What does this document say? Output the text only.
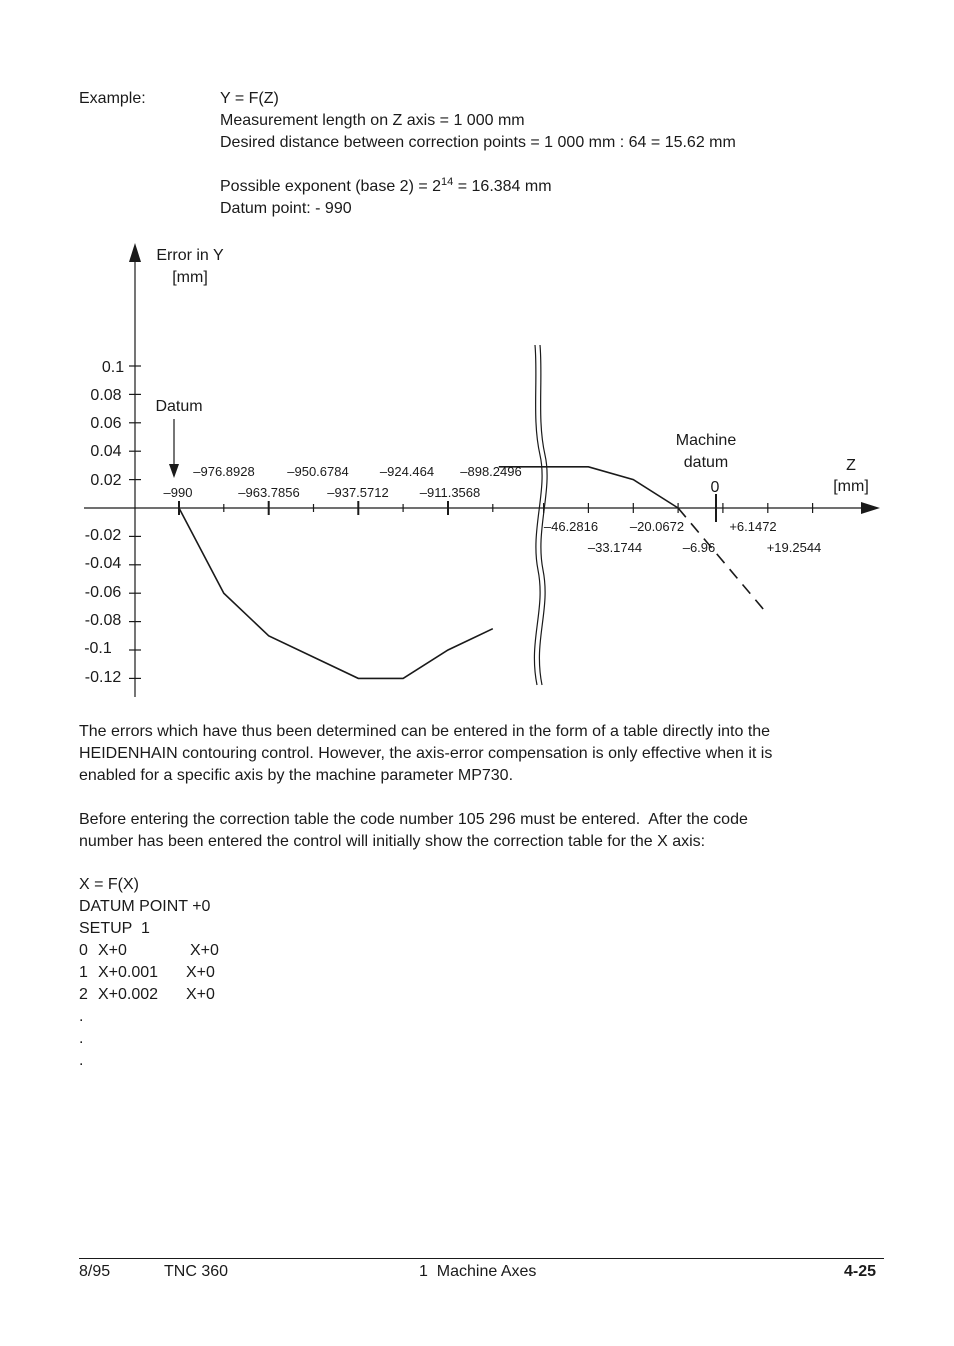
Example:	Y = F(Z)
Measurement length on Z axis = 1 000 mm
Desired distance between correction points = 1 000 mm : 64 = 15.62 mm
Possible exponent (base $2) = 2^{14} = 16.384$ mm
Datum point: - 990
Error in Y
[mm]
0.1
0.08
0.06
0.04
0.02
-0.02
-0.04
-0.06
-0.08
-0.1
-0.12
Datum
Machine
datum
0
Z
[mm]
–976.8928	–950.6784 –924.464 –898.2496
–990	–963.7856 –937.5712 –911.3568
–46.2816 –20.0672	+6.1472
–33.1744	–6.96	+19.2544
The errors which have thus been determined can be entered in the form of a table directly into the
HEIDENHAIN contouring control. However, the axis-error compensation is only effective when it is
enabled for a specific axis by the machine parameter MP730.
Before entering the correction table the code number 105 296 must be entered.  After the code
number has been entered the control will initially show the correction table for the X axis:
X = F(X)
DATUM POINT +0
SETUP  1
0 X+0	X+0
1 X+0.001 X+0
2 X+0.002 X+0
.
.
.
8/95	TNC 360	1  Machine Axes	4-25
